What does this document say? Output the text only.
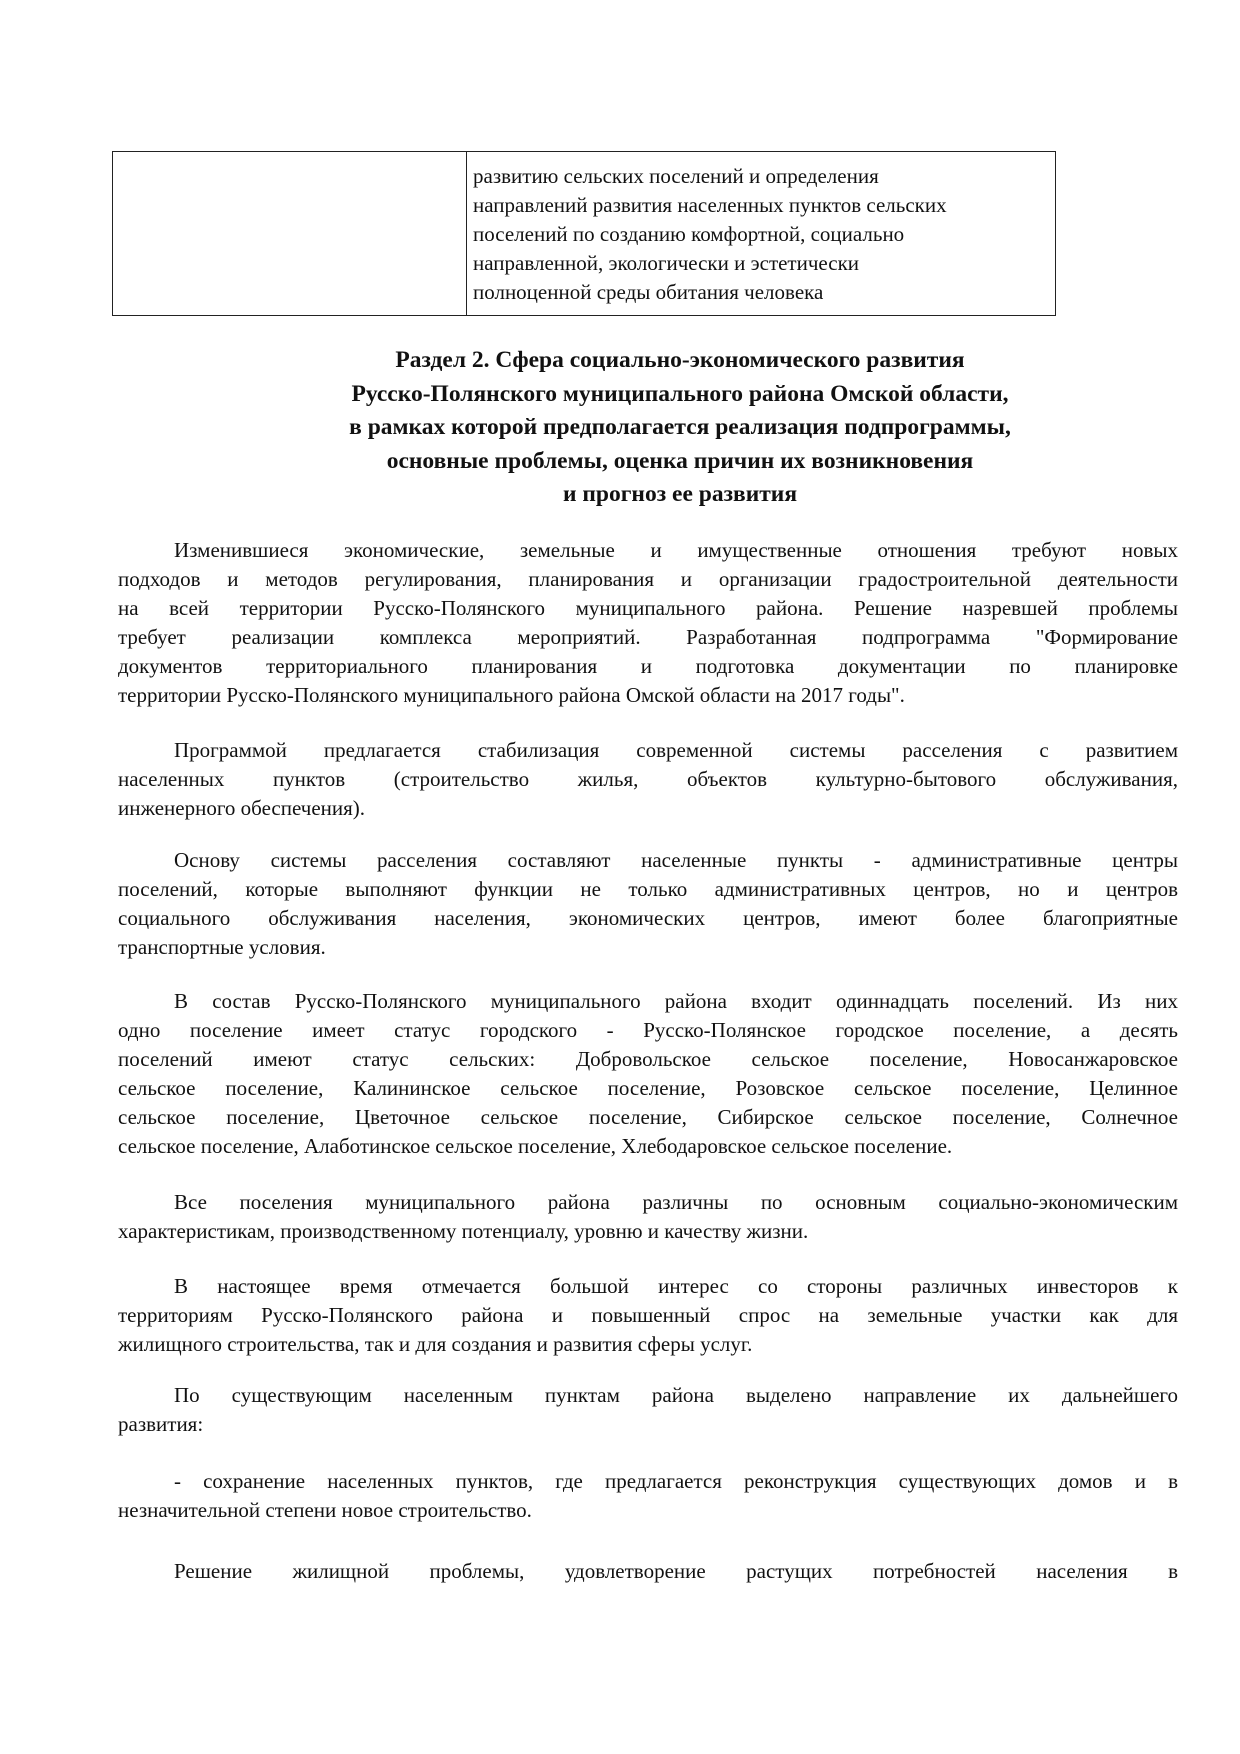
развитию сельских поселений и определения
направлений развития населенных пунктов сельских
поселений по созданию комфортной, социально
направленной, экологически и эстетически
полноценной среды обитания человека
Раздел 2. Сфера социально-экономического развития
Русско-Полянского муниципального района Омской области,
в рамках которой предполагается реализация подпрограммы,
основные проблемы, оценка причин их возникновения
и прогноз ее развития
Изменившиеся экономические, земельные и имущественные отношения требуют новых
подходов и методов регулирования, планирования и организации градостроительной деятельности
на всей территории Русско-Полянского муниципального района. Решение назревшей проблемы
требует реализации комплекса мероприятий. Разработанная подпрограмма "Формирование
документов территориального планирования и подготовка документации по планировке
территории Русско-Полянского муниципального района Омской области на 2017 годы".
Программой предлагается стабилизация современной системы расселения с развитием
населенных пунктов (строительство жилья, объектов культурно-бытового обслуживания,
инженерного обеспечения).
Основу системы расселения составляют населенные пункты - административные центры
поселений, которые выполняют функции не только административных центров, но и центров
социального обслуживания населения, экономических центров, имеют более благоприятные
транспортные условия.
В состав Русско-Полянского муниципального района входит одиннадцать поселений. Из них
одно поселение имеет статус городского - Русско-Полянское городское поселение, а десять
поселений имеют статус сельских: Добровольское сельское поселение, Новосанжаровское
сельское поселение, Калининское сельское поселение, Розовское сельское поселение, Целинное
сельское поселение, Цветочное сельское поселение, Сибирское сельское поселение, Солнечное
сельское поселение, Алаботинское сельское поселение, Хлебодаровское сельское поселение.
Все поселения муниципального района различны по основным социально-экономическим
характеристикам, производственному потенциалу, уровню и качеству жизни.
В настоящее время отмечается большой интерес со стороны различных инвесторов к
территориям Русско-Полянского района и повышенный спрос на земельные участки как для
жилищного строительства, так и для создания и развития сферы услуг.
По существующим населенным пунктам района выделено направление их дальнейшего
развития:
- сохранение населенных пунктов, где предлагается реконструкция существующих домов и в
незначительной степени новое строительство.
Решение жилищной проблемы, удовлетворение растущих потребностей населения в
